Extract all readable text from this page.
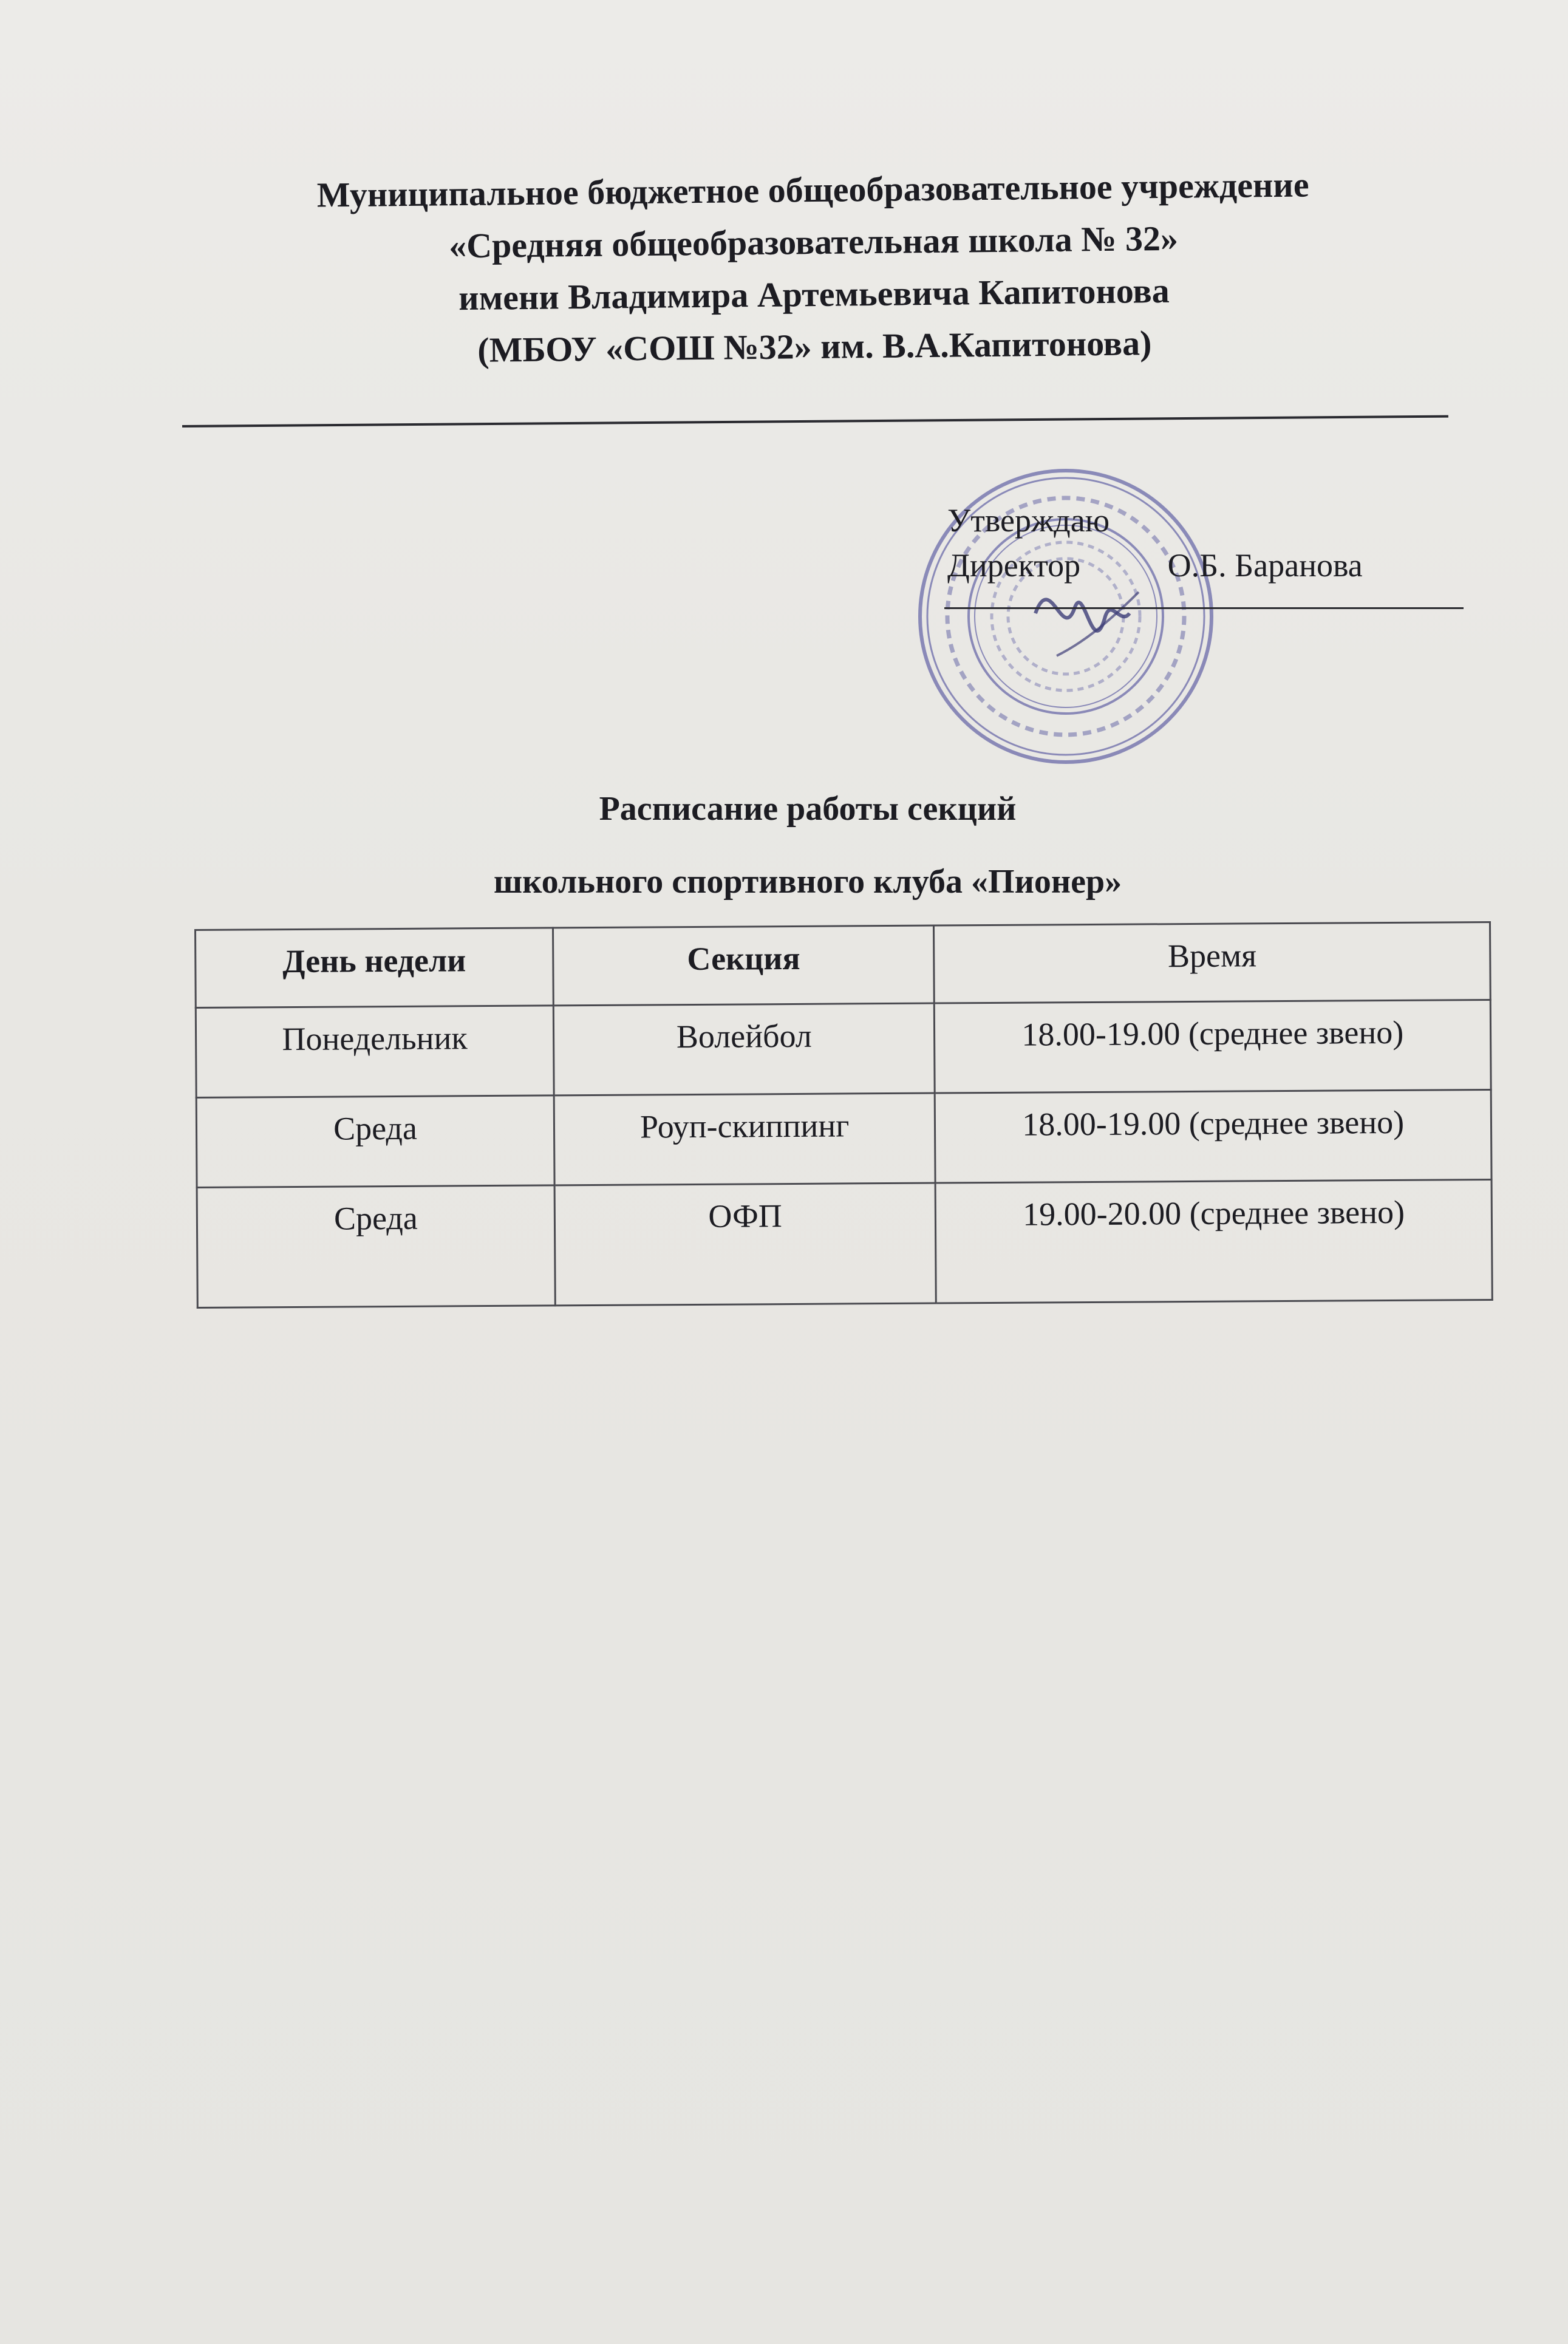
Муниципальное бюджетное общеобразовательное учреждение
«Средняя общеобразовательная школа № 32»
имени Владимира Артемьевича Капитонова
(МБОУ «СОШ №32» им. В.А.Капитонова)
Утверждаю
Директор	О.Б. Баранова
Расписание работы секций
школьного спортивного клуба «Пионер»
День недели	Секция	Время
Понедельник	Волейбол	18.00-19.00 (среднее звено)
Среда	Роуп-скиппинг	18.00-19.00 (среднее звено)
Среда	ОФП	19.00-20.00 (среднее звено)
